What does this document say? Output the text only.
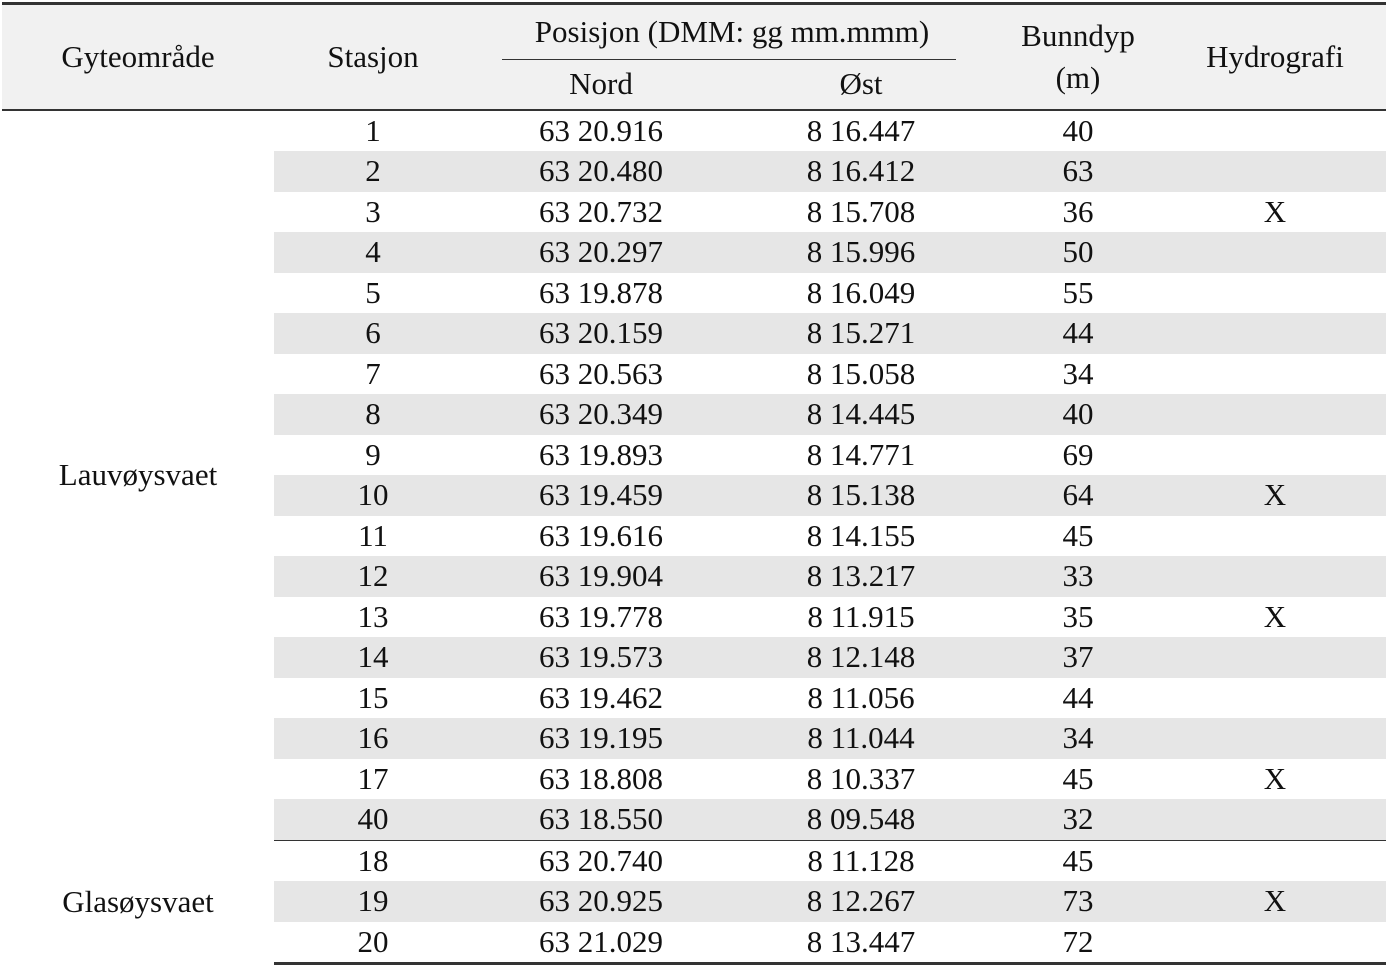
Gyteområde	Stasjon	Posisjon (DMM: gg mm.mmm)		Bunndyp
(m)	Hydrografi
		Nord	Øst		
Lauvøysvaet	1	63 20.916	8 16.447	40	
	2	63 20.480	8 16.412	63	
	3	63 20.732	8 15.708	36	X
	4	63 20.297	8 15.996	50	
	5	63 19.878	8 16.049	55	
	6	63 20.159	8 15.271	44	
	7	63 20.563	8 15.058	34	
	8	63 20.349	8 14.445	40	
	9	63 19.893	8 14.771	69	
	10	63 19.459	8 15.138	64	X
	11	63 19.616	8 14.155	45	
	12	63 19.904	8 13.217	33	
	13	63 19.778	8 11.915	35	X
	14	63 19.573	8 12.148	37	
	15	63 19.462	8 11.056	44	
	16	63 19.195	8 11.044	34	
	17	63 18.808	8 10.337	45	X
	40	63 18.550	8 09.548	32	
Glasøysvaet	18	63 20.740	8 11.128	45	
	19	63 20.925	8 12.267	73	X
	20	63 21.029	8 13.447	72	
